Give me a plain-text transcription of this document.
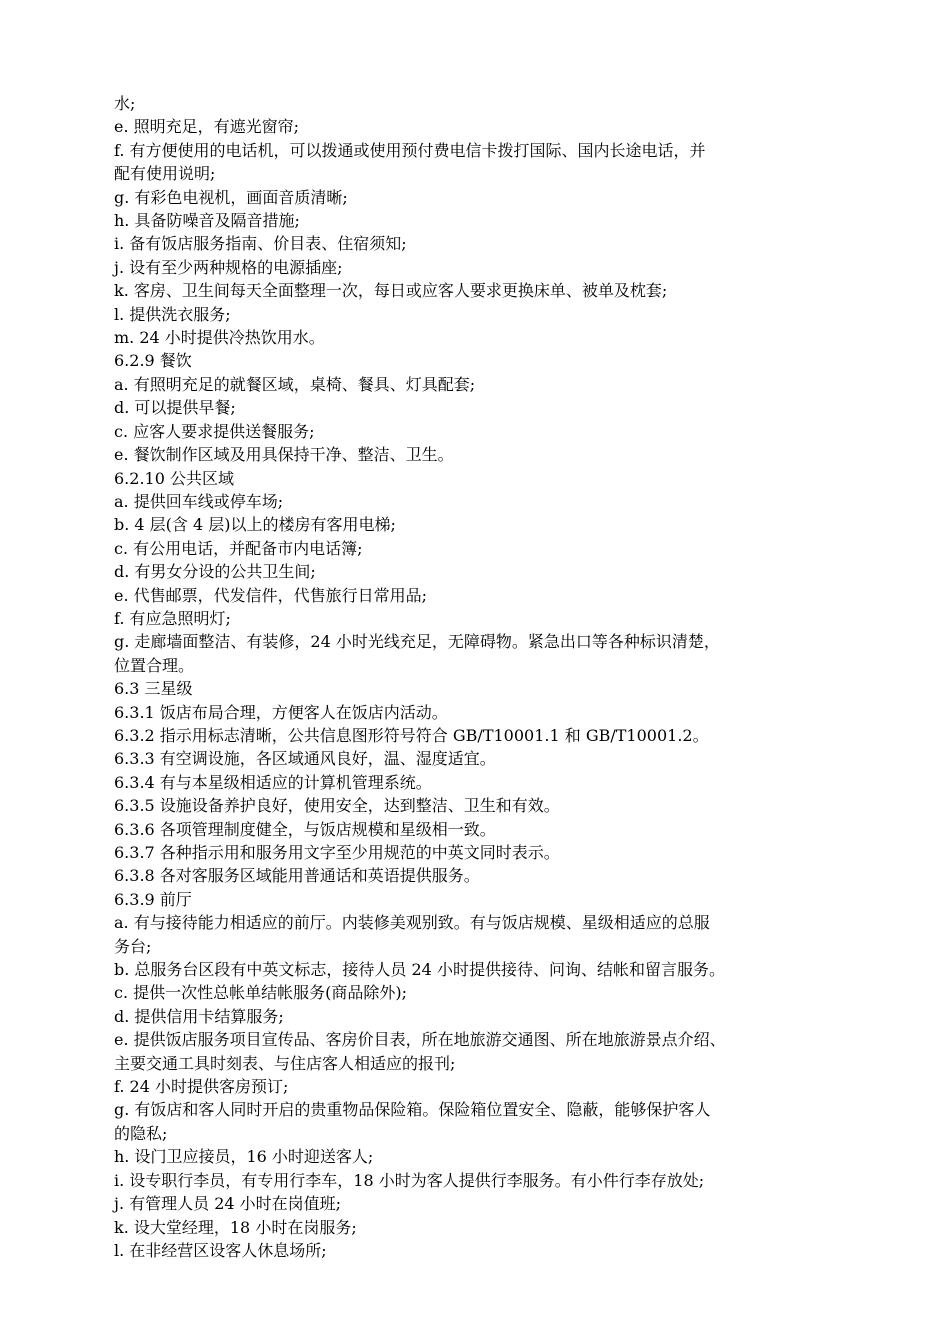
水;
e. 照明充足，有遮光窗帘;
f. 有方便使用的电话机，可以拨通或使用预付费电信卡拨打国际、国内长途电话，并
配有使用说明;
g. 有彩色电视机，画面音质清晰;
h. 具备防噪音及隔音措施;
i. 备有饭店服务指南、价目表、住宿须知;
j. 设有至少两种规格的电源插座;
k. 客房、卫生间每天全面整理一次，每日或应客人要求更换床单、被单及枕套;
l. 提供洗衣服务;
m. 24 小时提供冷热饮用水。
6.2.9 餐饮
a. 有照明充足的就餐区域，桌椅、餐具、灯具配套;
d. 可以提供早餐;
c. 应客人要求提供送餐服务;
e. 餐饮制作区域及用具保持干净、整洁、卫生。
6.2.10 公共区域
a. 提供回车线或停车场;
b. 4 层(含 4 层)以上的楼房有客用电梯;
c. 有公用电话，并配备市内电话簿;
d. 有男女分设的公共卫生间;
e. 代售邮票，代发信件，代售旅行日常用品;
f. 有应急照明灯;
g. 走廊墙面整洁、有装修，24 小时光线充足，无障碍物。紧急出口等各种标识清楚，
位置合理。
6.3 三星级
6.3.1 饭店布局合理，方便客人在饭店内活动。
6.3.2 指示用标志清晰，公共信息图形符号符合 GB/T10001.1 和 GB/T10001.2。
6.3.3 有空调设施，各区域通风良好，温、湿度适宜。
6.3.4 有与本星级相适应的计算机管理系统。
6.3.5 设施设备养护良好，使用安全，达到整洁、卫生和有效。
6.3.6 各项管理制度健全，与饭店规模和星级相一致。
6.3.7 各种指示用和服务用文字至少用规范的中英文同时表示。
6.3.8 各对客服务区域能用普通话和英语提供服务。
6.3.9 前厅
a. 有与接待能力相适应的前厅。内装修美观别致。有与饭店规模、星级相适应的总服
务台;
b. 总服务台区段有中英文标志，接待人员 24 小时提供接待、问询、结帐和留言服务。
c. 提供一次性总帐单结帐服务(商品除外);
d. 提供信用卡结算服务;
e. 提供饭店服务项目宣传品、客房价目表，所在地旅游交通图、所在地旅游景点介绍、
主要交通工具时刻表、与住店客人相适应的报刊;
f. 24 小时提供客房预订;
g. 有饭店和客人同时开启的贵重物品保险箱。保险箱位置安全、隐蔽，能够保护客人
的隐私;
h. 设门卫应接员，16 小时迎送客人;
i. 设专职行李员，有专用行李车，18 小时为客人提供行李服务。有小件行李存放处;
j. 有管理人员 24 小时在岗值班;
k. 设大堂经理，18 小时在岗服务;
l. 在非经营区设客人休息场所;
